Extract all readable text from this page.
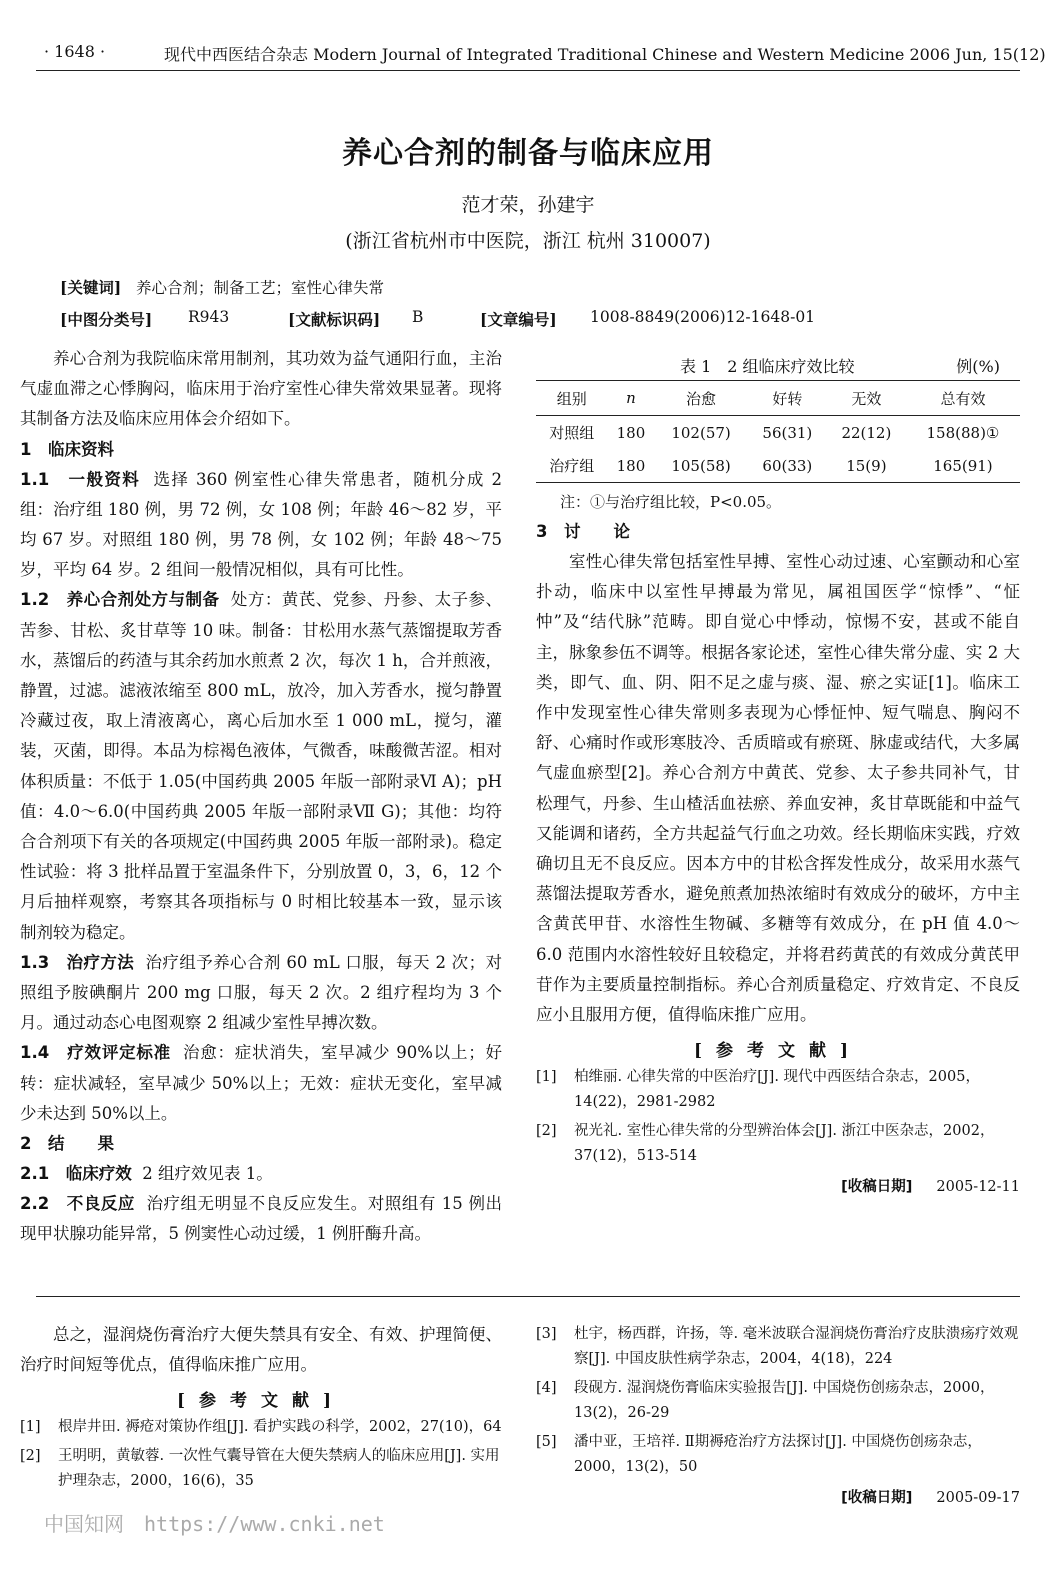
· 1648 ·	现代中西医结合杂志 Modern Journal of Integrated Traditional Chinese and Western Medicine 2006 Jun, 15(12)
养心合剂的制备与临床应用
范才荣，孙建宇
(浙江省杭州市中医院，浙江 杭州 310007)
[关键词] 养心合剂；制备工艺；室性心律失常
[中图分类号] R943	[文献标识码] B	[文章编号] 1008-8849(2006)12-1648-01

养心合剂为我院临床常用制剂，其功效为益气通阳行血，主治气虚血滞之心悸胸闷，临床用于治疗室性心律失常效果显著。现将其制备方法及临床应用体会介绍如下。

1　临床资料

1.1　一般资料 选择 360 例室性心律失常患者，随机分成 2 组：治疗组 180 例，男 72 例，女 108 例；年龄 46～82 岁，平均 67 岁。对照组 180 例，男 78 例，女 102 例；年龄 48～75 岁，平均 64 岁。2 组间一般情况相似，具有可比性。

1.2　养心合剂处方与制备 处方：黄芪、党参、丹参、太子参、苦参、甘松、炙甘草等 10 味。制备：甘松用水蒸气蒸馏提取芳香水，蒸馏后的药渣与其余药加水煎煮 2 次，每次 1 h，合并煎液，静置，过滤。滤液浓缩至 800 mL，放冷，加入芳香水，搅匀静置冷藏过夜，取上清液离心，离心后加水至 1 000 mL，搅匀，灌装，灭菌，即得。本品为棕褐色液体，气微香，味酸微苦涩。相对体积质量：不低于 1.05(中国药典 2005 年版一部附录Ⅵ A)；pH 值：4.0～6.0(中国药典 2005 年版一部附录Ⅶ G)；其他：均符合合剂项下有关的各项规定(中国药典 2005 年版一部附录)。稳定性试验：将 3 批样品置于室温条件下，分别放置 0，3，6，12 个月后抽样观察，考察其各项指标与 0 时相比较基本一致，显示该制剂较为稳定。

1.3　治疗方法 治疗组予养心合剂 60 mL 口服，每天 2 次；对照组予胺碘酮片 200 mg 口服，每天 2 次。2 组疗程均为 3 个月。通过动态心电图观察 2 组减少室性早搏次数。

1.4　疗效评定标准 治愈：症状消失，室早减少 90%以上；好转：症状减轻，室早减少 50%以上；无效：症状无变化，室早减少未达到 50%以上。

2　结　　果

2.1　临床疗效 2 组疗效见表 1。

2.2　不良反应 治疗组无明显不良反应发生。对照组有 15 例出现甲状腺功能异常，5 例窦性心动过缓，1 例肝酶升高。

表 1　2 组临床疗效比较	例(%)
组别	n	治愈	好转	无效	总有效
对照组	180	102(57)	56(31)	22(12)	158(88)①
治疗组	180	105(58)	60(33)	15(9)	165(91)
注：①与治疗组比较，P<0.05。

3　讨　　论

室性心律失常包括室性早搏、室性心动过速、心室颤动和心室扑动，临床中以室性早搏最为常见，属祖国医学“惊悸”、“怔忡”及“结代脉”范畴。即自觉心中悸动，惊惕不安，甚或不能自主，脉象参伍不调等。根据各家论述，室性心律失常分虚、实 2 大类，即气、血、阴、阳不足之虚与痰、湿、瘀之实证[1]。临床工作中发现室性心律失常则多表现为心悸怔忡、短气喘息、胸闷不舒、心痛时作或形寒肢冷、舌质暗或有瘀斑、脉虚或结代，大多属气虚血瘀型[2]。养心合剂方中黄芪、党参、太子参共同补气，甘松理气，丹参、生山楂活血祛瘀、养血安神，炙甘草既能和中益气又能调和诸药，全方共起益气行血之功效。经长期临床实践，疗效确切且无不良反应。因本方中的甘松含挥发性成分，故采用水蒸气蒸馏法提取芳香水，避免煎煮加热浓缩时有效成分的破坏，方中主含黄芪甲苷、水溶性生物碱、多糖等有效成分，在 pH 值 4.0～6.0 范围内水溶性较好且较稳定，并将君药黄芪的有效成分黄芪甲苷作为主要质量控制指标。养心合剂质量稳定、疗效肯定、不良反应小且服用方便，值得临床推广应用。

[参考文献]
[1]	柏维丽. 心律失常的中医治疗[J]. 现代中西医结合杂志，2005，14(22)，2981-2982
[2]	祝光礼. 室性心律失常的分型辨治体会[J]. 浙江中医杂志，2002，37(12)，513-514
[收稿日期] 2005-12-11

总之，湿润烧伤膏治疗大便失禁具有安全、有效、护理简便、治疗时间短等优点，值得临床推广应用。

[参考文献]
[1]	根岸井田. 褥疮对策协作组[J]. 看护实践の科学，2002，27(10)，64
[2]	王明明，黄敏蓉. 一次性气囊导管在大便失禁病人的临床应用[J]. 实用护理杂志，2000，16(6)，35
[3]	杜宇，杨西群，许扬，等. 毫米波联合湿润烧伤膏治疗皮肤溃疡疗效观察[J]. 中国皮肤性病学杂志，2004，4(18)，224
[4]	段砚方. 湿润烧伤膏临床实验报告[J]. 中国烧伤创疡杂志，2000，13(2)，26-29
[5]	潘中亚，王培祥. Ⅱ期褥疮治疗方法探讨[J]. 中国烧伤创疡杂志，2000，13(2)，50
[收稿日期] 2005-09-17
中国知网　https://www.cnki.net
